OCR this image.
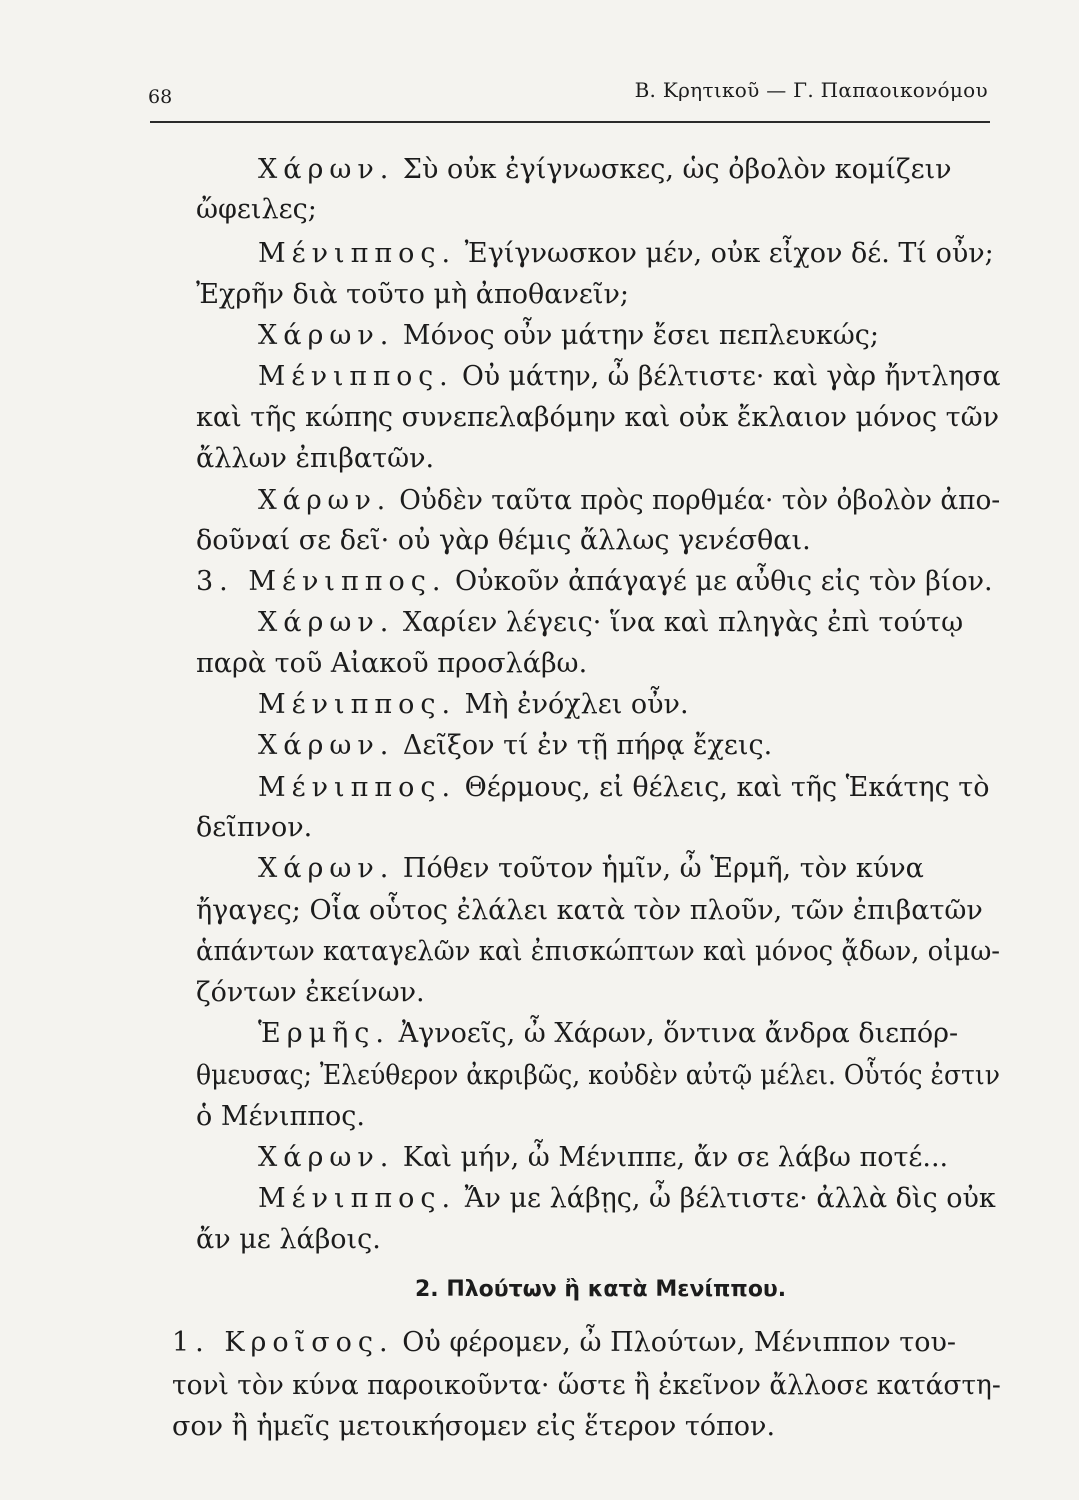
68	Β. Κρητικοῦ — Γ. Παπαοικονόμου
Χάρων. Σὺ οὐκ ἐγίγνωσκες, ὡς ὀβολὸν κομίζειν
ὤφειλες;
Μένιππος. Ἐγίγνωσκον μέν, οὐκ εἶχον δέ. Τί οὖν;
Ἐχρῆν διὰ τοῦτο μὴ ἀποθανεῖν;
Χάρων. Μόνος οὖν μάτην ἔσει πεπλευκώς;
Μένιππος. Οὐ μάτην, ὦ βέλτιστε· καὶ γὰρ ἤντλησα
καὶ τῆς κώπης συνεπελαβόμην καὶ οὐκ ἔκλαιον μόνος τῶν
ἄλλων ἐπιβατῶν.
Χάρων. Οὐδὲν ταῦτα πρὸς πορθμέα· τὸν ὀβολὸν ἀπο-
δοῦναί σε δεῖ· οὐ γὰρ θέμις ἄλλως γενέσθαι.
3. Μένιππος. Οὐκοῦν ἀπάγαγέ με αὖθις εἰς τὸν βίον.
Χάρων. Χαρίεν λέγεις· ἵνα καὶ πληγὰς ἐπὶ τούτῳ
παρὰ τοῦ Αἰακοῦ προσλάβω.
Μένιππος. Μὴ ἐνόχλει οὖν.
Χάρων. Δεῖξον τί ἐν τῇ πήρᾳ ἔχεις.
Μένιππος. Θέρμους, εἰ θέλεις, καὶ τῆς Ἑκάτης τὸ
δεῖπνον.
Χάρων. Πόθεν τοῦτον ἡμῖν, ὦ Ἑρμῆ, τὸν κύνα
ἤγαγες; Οἷα οὗτος ἐλάλει κατὰ τὸν πλοῦν, τῶν ἐπιβατῶν
ἁπάντων καταγελῶν καὶ ἐπισκώπτων καὶ μόνος ᾄδων, οἰμω-
ζόντων ἐκείνων.
Ἑρμῆς. Ἀγνοεῖς, ὦ Χάρων, ὅντινα ἄνδρα διεπόρ-
θμευσας; Ἐλεύθερον ἀκριβῶς, κοὐδὲν αὐτῷ μέλει. Οὗτός ἐστιν
ὁ Μένιππος.
Χάρων. Καὶ μήν, ὦ Μένιππε, ἄν σε λάβω ποτέ...
Μένιππος. Ἄν με λάβῃς, ὦ βέλτιστε· ἀλλὰ δὶς οὐκ
ἄν με λάβοις.
2. Πλούτων ἢ κατὰ Μενίππου.
1. Κροῖσος. Οὐ φέρομεν, ὦ Πλούτων, Μένιππον του-
τονὶ τὸν κύνα παροικοῦντα· ὥστε ἢ ἐκεῖνον ἄλλοσε κατάστη-
σον ἢ ἡμεῖς μετοικήσομεν εἰς ἕτερον τόπον.
